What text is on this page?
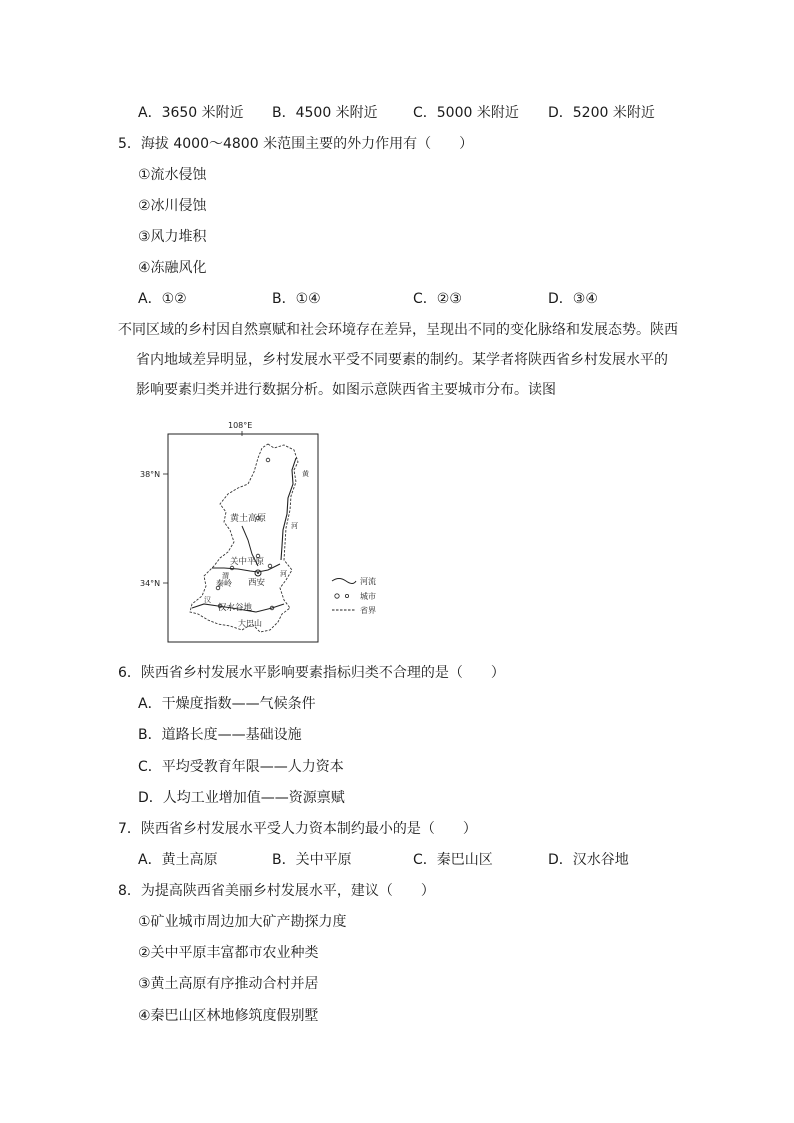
A．3650 米附近 B．4500 米附近	C．5000 米附近 D．5200 米附近
5．海拔 4000～4800 米范围主要的外力作用有（　　）
①流水侵蚀
②冰川侵蚀
③风力堆积
④冻融风化
A．①②	B．①④	C．②③	D．③④
不同区域的乡村因自然禀赋和社会环境存在差异，呈现出不同的变化脉络和发展态势。陕西
省内地域差异明显，乡村发展水平受不同要素的制约。某学者将陕西省乡村发展水平的
影响要素归类并进行数据分析。如图示意陕西省主要城市分布。读图
108°E
38°N
34°N
黄土高原
关中平原
西安
秦岭
汉水谷地
大巴山
黄
河
渭	河
汉
河流
城市
省界
6．陕西省乡村发展水平影响要素指标归类不合理的是（　　）
A．干燥度指数——气候条件
B．道路长度——基础设施
C．平均受教育年限——人力资本
D．人均工业增加值——资源禀赋
7．陕西省乡村发展水平受人力资本制约最小的是（　　）
A．黄土高原	B．关中平原	C．秦巴山区	D．汉水谷地
8．为提高陕西省美丽乡村发展水平，建议（　　）
①矿业城市周边加大矿产勘探力度
②关中平原丰富都市农业种类
③黄土高原有序推动合村并居
④秦巴山区林地修筑度假别墅
